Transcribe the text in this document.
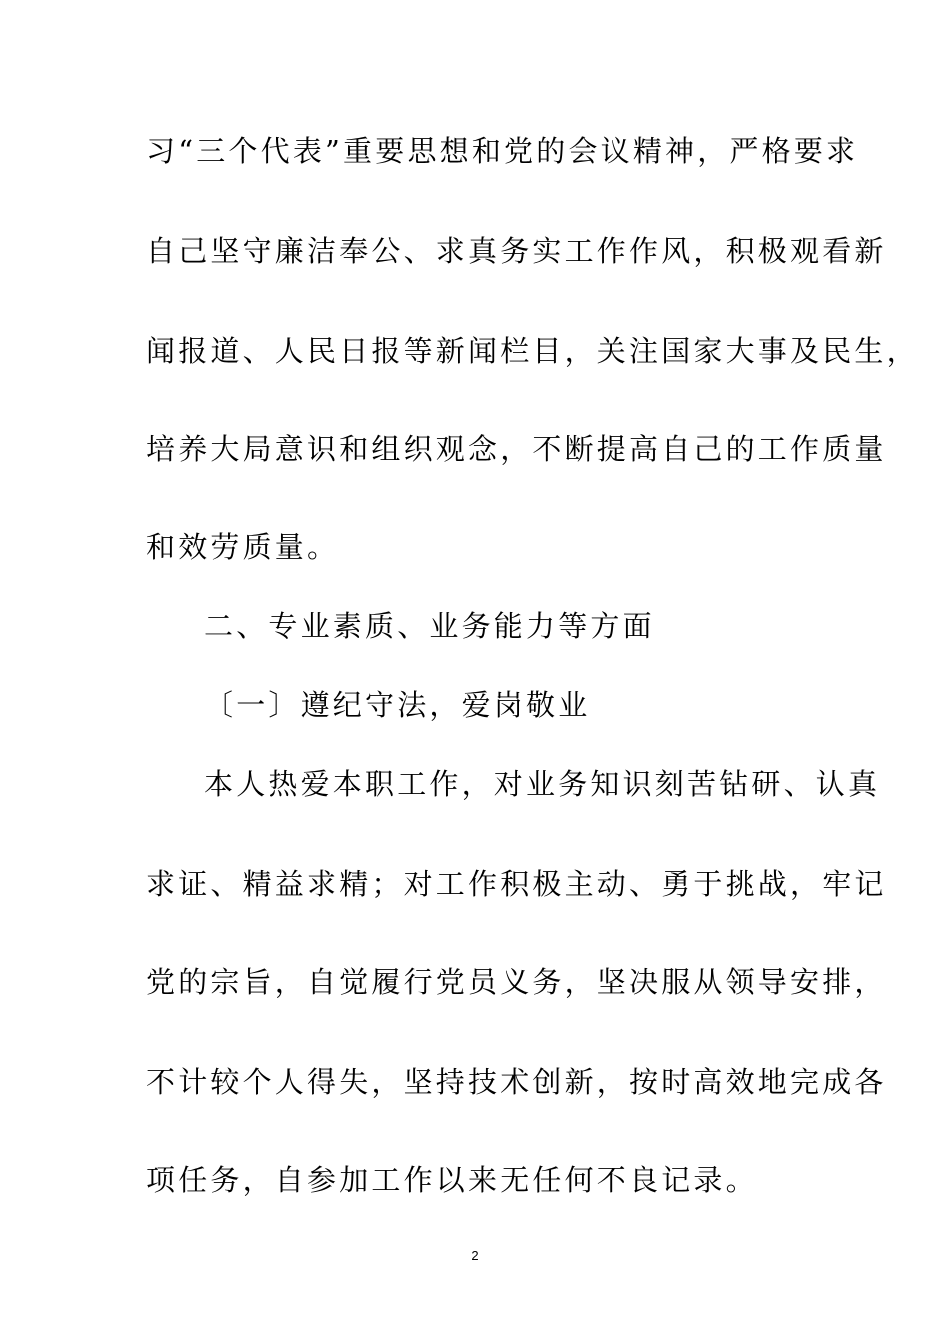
习“三个代表”重要思想和党的会议精神，严格要求
自己坚守廉洁奉公、求真务实工作作风，积极观看新
闻报道、人民日报等新闻栏目，关注国家大事及民生，
培养大局意识和组织观念，不断提高自己的工作质量
和效劳质量。
二、专业素质、业务能力等方面
〔一〕遵纪守法，爱岗敬业
本人热爱本职工作，对业务知识刻苦钻研、认真
求证、精益求精；对工作积极主动、勇于挑战，牢记
党的宗旨，自觉履行党员义务，坚决服从领导安排，
不计较个人得失，坚持技术创新，按时高效地完成各
项任务，自参加工作以来无任何不良记录。
2
